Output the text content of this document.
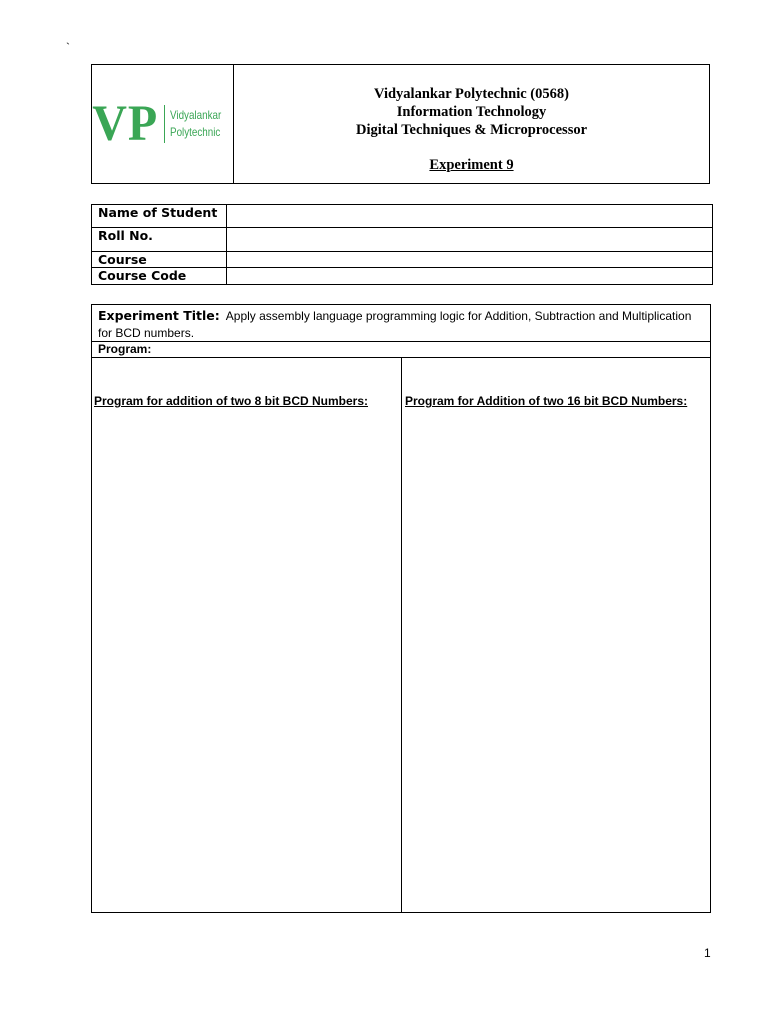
`
VP Vidyalankar
Polytechnic
Vidyalankar Polytechnic (0568)
Information Technology
Digital Techniques & Microprocessor
Experiment 9
Name of Student	
Roll No.	
Course	
Course Code	
Experiment Title: Apply assembly language programming logic for Addition, Subtraction and Multiplication for BCD numbers.
Program:
Program for addition of two 8 bit BCD Numbers:	Program for Addition of two 16 bit BCD Numbers:
1
